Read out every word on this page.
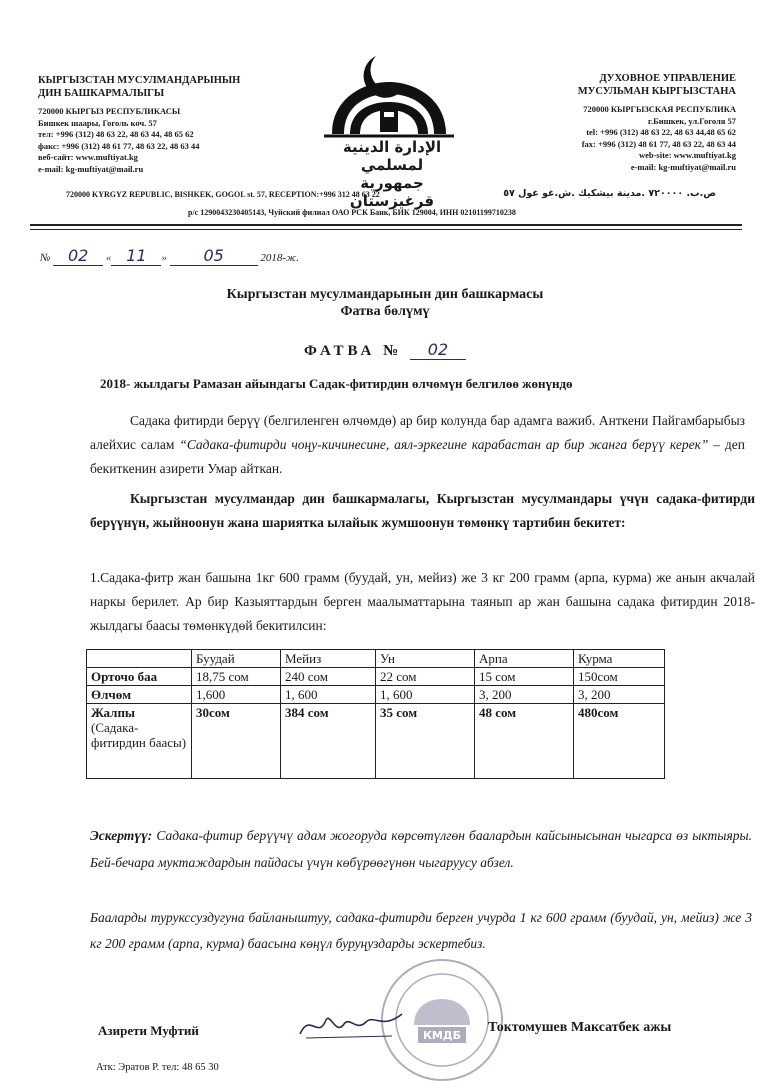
КЫРГЫЗСТАН МУСУЛМАНДАРЫНЫН
ДИН БАШКАРМАЛЫГЫ
720000 КЫРГЫЗ РЕСПУБЛИКАСЫ
Бишкек шаары, Гоголь коч. 57
тел: +996 (312) 48 63 22, 48 63 44, 48 65 62
факс: +996 (312) 48 61 77, 48 63 22, 48 63 44
веб-сайт: www.muftiyat.kg
e-mail: kg-muftiyat@mail.ru
الإدارة الدينية لمسلمي
جمهورية قرغيزستان
ДУХОВНОЕ УПРАВЛЕНИЕ
МУСУЛЬМАН КЫРГЫЗСТАНА
720000 КЫРГЫЗСКАЯ РЕСПУБЛИКА
г.Бишкек, ул.Гоголя 57
tel: +996 (312) 48 63 22, 48 63 44,48 65 62
fax: +996 (312) 48 61 77, 48 63 22, 48 63 44
web-site: www.muftiyat.kg
e-mail: kg-muftiyat@mail.ru
720000 KYRGYZ REPUBLIC, BISHKEK, GOGOL st. 57, RECEPTION:+996 312 48 63 22	ص.ب. ٧٢٠٠٠٠ .مدينة بيشكيك .ش.غو غول ٥٧
р/с 1290043230405143, Чуйский филиал ОАО РСК Банк, БИК 129004, ИНН 02101199710238
№ 02 « 11 » 05	2018-ж.
Кыргызстан мусулмандарынын дин башкармасы
Фатва бөлүмү
ФАТВА № 02
2018- жылдагы Рамазан айындагы Садак-фитирдин өлчөмүн белгилөө жөнүндө
Садака фитирди берүү (белгиленген өлчөмдө) ар бир колунда бар адамга важиб. Анткени Пайгамбарыбыз алейхис салам “Садака-фитирди чоңу-кичинесине, аял-эркегине карабастан ар бир жанга берүү керек” – деп бекиткенин азирети Умар айткан.
Кыргызстан мусулмандар дин башкармалагы, Кыргызстан мусулмандары үчүн садака-фитирди берүүнүн, жыйноонун жана шариятка ылайык жумшоонун төмөнкү тартибин бекитет:
1.Садака-фитр жан башына 1кг 600 грамм (буудай, ун, мейиз) же 3 кг 200 грамм (арпа, курма) же анын акчалай наркы берилет. Ар бир Казыяттардын берген маалыматтарына таянып ар жан башына садака фитирдин 2018-жылдагы баасы төмөнкүдөй бекитилсин:
	Буудай	Мейиз	Ун	Арпа	Курма
Орточо баа	18,75 сом	240 сом	22 сом	15 сом	150сом
Өлчөм	1,600	1, 600	1, 600	3, 200	3, 200

Жалпы
(Садака-фитирдин баасы)	30сом	384 сом	35 сом	48 сом	480сом
Эскертүү: Садака-фитир берүүчү адам жогоруда көрсөтүлгөн баалардын кайсынысынан чыгарса өз ыктыяры. Бей-бечара муктаждардын пайдасы үчүн көбүрөөгүнөн чыгаруусу абзел.
Бааларды турукссуздугуна байланыштуу, садака-фитирди берген учурда 1 кг 600 грамм (буудай, ун, мейиз) же 3 кг 200 грамм (арпа, курма) баасына көңүл буруңуздарды эскертебиз.
КМДБ
Азирети Муфтий	Токтомушев Максатбек ажы
Атк: Эратов Р. тел: 48 65 30
